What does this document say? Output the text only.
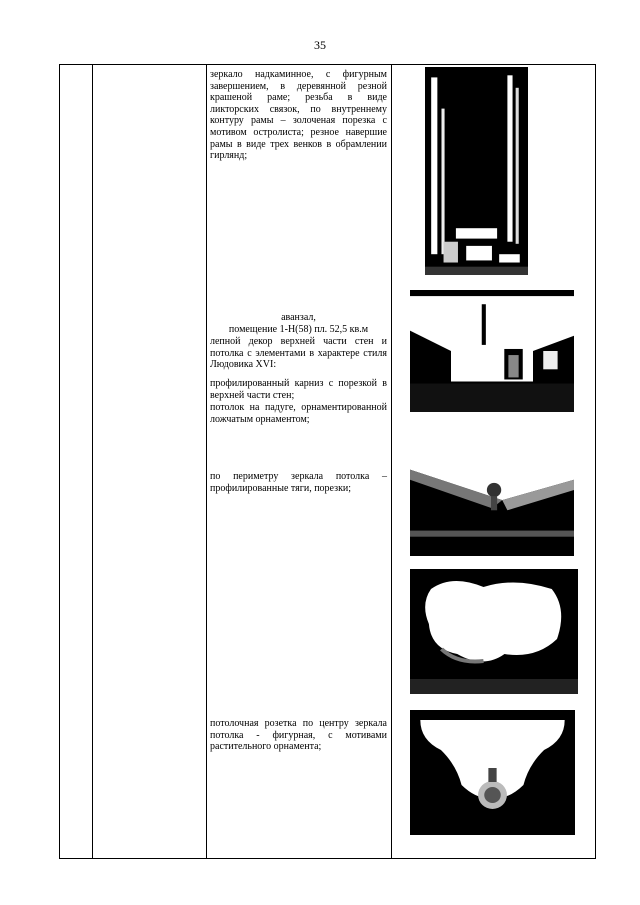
35
зеркало надкаминное, с фигурным завершением, в деревянной резной крашеной раме; резьба в виде ликторских связок, по внутреннему контуру рамы – золоченая порезка с мотивом остролиста; резное навершие рамы в виде трех венков в обрамлении гирлянд;
аванзал,
помещение 1-Н(58) пл. 52,5 кв.м
лепной декор верхней части стен и потолка с элементами в характере стиля Людовика XVI:
профилированный карниз с порезкой в верхней части стен;
потолок на падуге, орнаментированной ложчатым орнаментом;
по периметру зеркала потолка – профилированные тяги, порезки;
потолочная розетка по центру зеркала потолка - фигурная, с мотивами растительного орнамента;
